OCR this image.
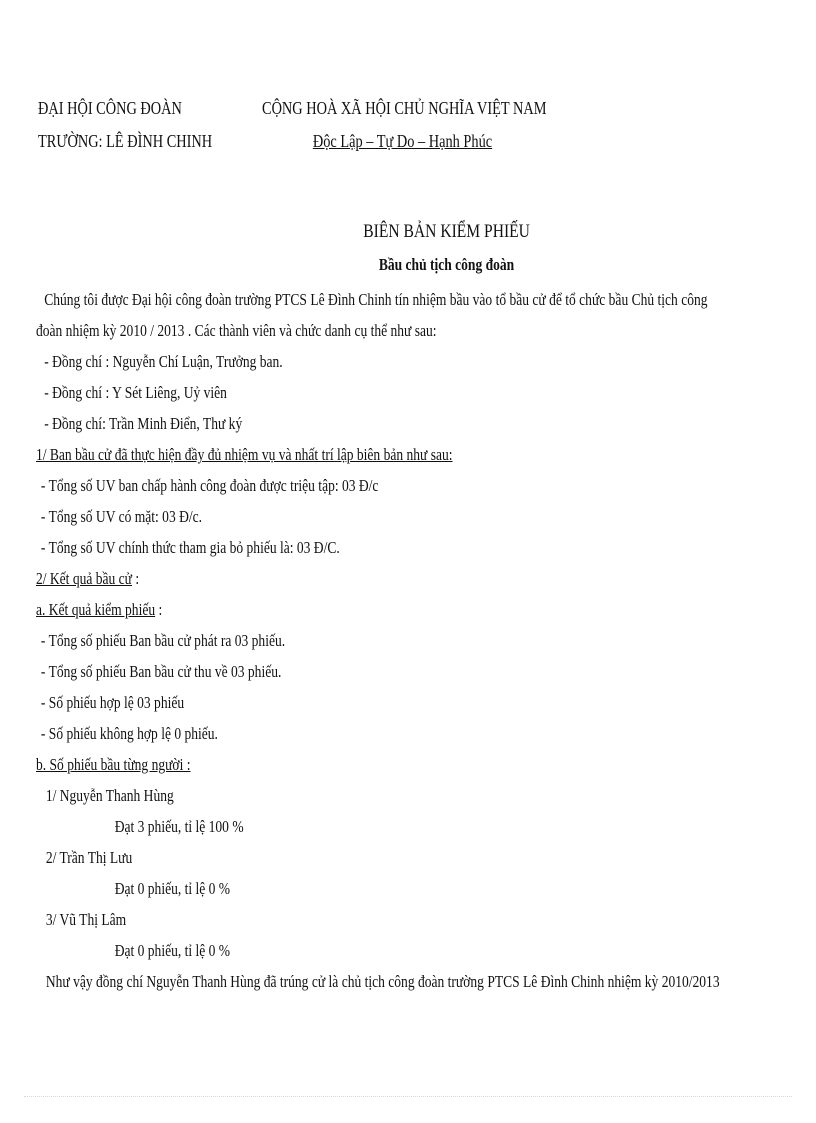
ĐẠI HỘI CÔNG ĐOÀN
TRƯỜNG: LÊ ĐÌNH CHINH
CỘNG HOÀ XÃ HỘI CHỦ NGHĨA VIỆT NAM
Độc Lập – Tự Do – Hạnh Phúc
BIÊN BẢN KIỂM PHIẾU
Bầu chủ tịch công đoàn
Chúng tôi được Đại hội công đoàn trường PTCS Lê Đình Chinh tín nhiệm bầu vào tổ bầu cử để tổ chức bầu Chủ tịch công
đoàn nhiệm kỳ 2010 / 2013 . Các thành viên và chức danh cụ thể như sau:
- Đồng chí : Nguyễn Chí Luận, Trưởng ban.
- Đồng chí : Y Sét Liêng, Uỷ viên
- Đồng chí: Trần Minh Điển, Thư ký
1/ Ban bầu cử đã thực hiện đầy đủ nhiệm vụ và nhất trí lập biên bản như sau:
- Tổng số UV ban chấp hành công đoàn được triệu tập: 03 Đ/c
- Tổng số UV có mặt: 03 Đ/c.
- Tổng số UV chính thức tham gia bỏ phiếu là: 03 Đ/C.
2/ Kết quả bầu cử :
a. Kết quả kiểm phiếu :
- Tổng số phiếu Ban bầu cử phát ra 03 phiếu.
- Tổng số phiếu Ban bầu cử thu về 03 phiếu.
- Số phiếu hợp lệ 03 phiếu
- Số phiếu không hợp lệ 0 phiếu.
b. Số phiếu bầu từng người :
1/ Nguyễn Thanh Hùng
Đạt 3 phiếu, tỉ lệ 100 %
2/ Trần Thị Lưu
Đạt 0 phiếu, tỉ lệ 0 %
3/ Vũ Thị Lâm
Đạt 0 phiếu, tỉ lệ 0 %
Như vậy đồng chí Nguyễn Thanh Hùng đã trúng cử là chủ tịch công đoàn trường PTCS Lê Đình Chinh nhiệm kỳ 2010/2013
